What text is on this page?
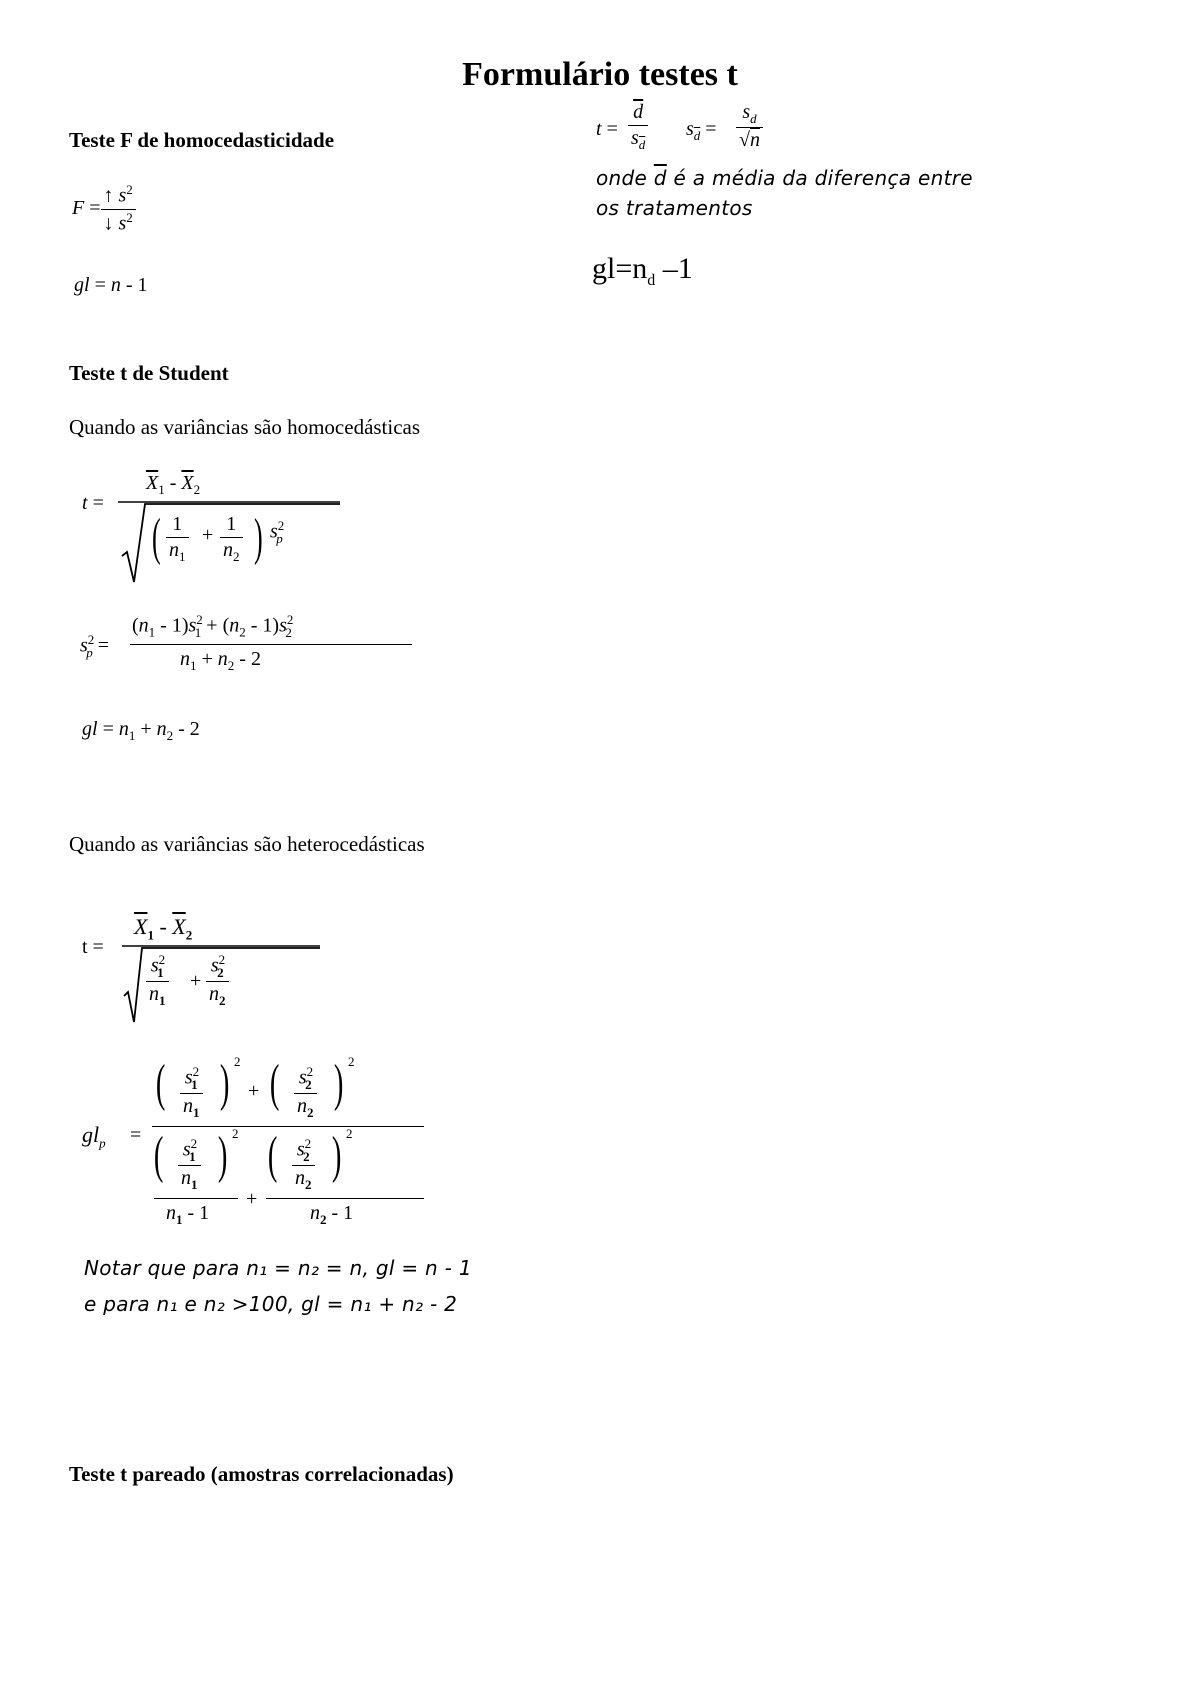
Formulário testes t
Teste F de homocedasticidade
$F = \frac{↑ s^2}{↓ s^2}$
gl = n - 1
Teste t de Student
Quando as variâncias são homocedásticas
t =
$\overline{X}_1 - \overline{X}_2$
( $\frac{1}{n_1} + \frac{1}{n_2}$ ) $s^2_p$
$s^2_p$ =
$(n_1 - 1)s^2_1 + (n_2 - 1)s^2_2$
$n_1 + n_2 - 2$
gl = $n_1 + n_2 - 2$
Quando as variâncias são heterocedásticas
t =
$\overline{X}_1 - \overline{X}_2$
$\frac{s^2_1}{n_1} + \frac{s^2_2}{n_2}$
$gl_p$ =
( $\frac{s^2_1}{n_1}$ ) 2
+ ( $\frac{s^2_2}{n_2}$ ) 2
( $\frac{s^2_1}{n_1}$ ) 2
$n_1 - 1$
+
( $\frac{s^2_2}{n_2}$ ) 2
$n_2 - 1$
Notar que para n₁ = n₂ = n, gl = n - 1
e para n₁ e n₂ >100, gl = n₁ + n₂ - 2
Teste t pareado (amostras correlacionadas)
$t = \frac{\overline{d}}{s_{\overline{d}}} s_{\overline{d}} = \frac{s_d}{√n}$
onde $\overline{d}$ é a média da diferença entre
os tratamentos
$gl=n_d$ –1
